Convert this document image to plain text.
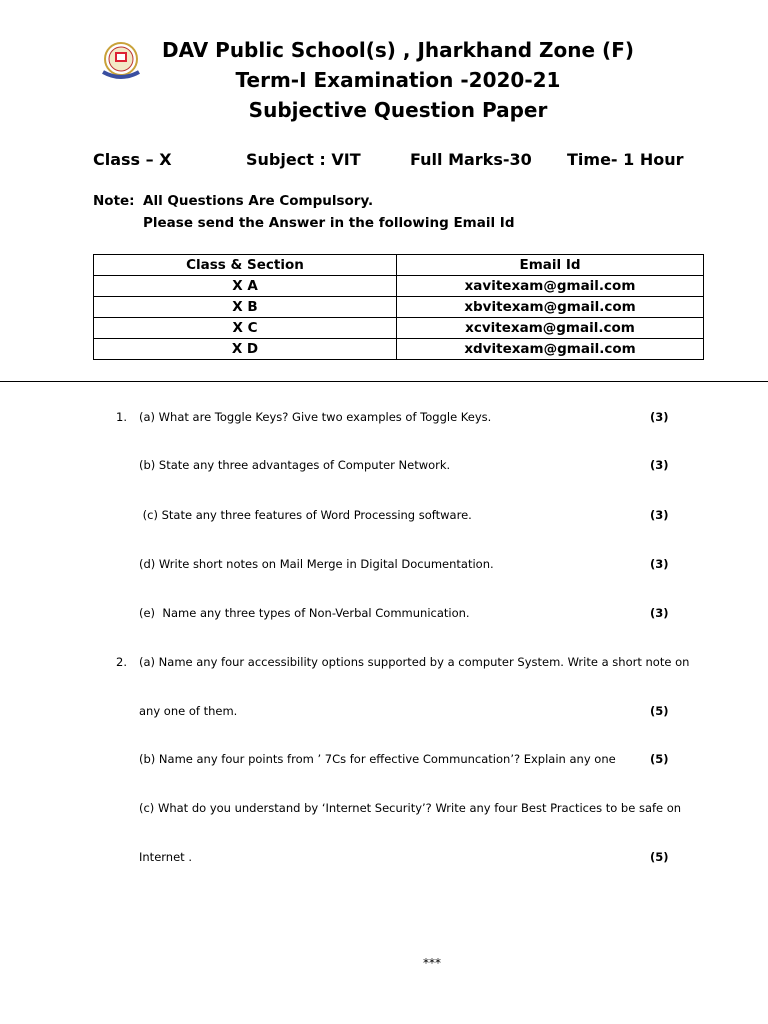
DAV Public School(s) , Jharkhand Zone (F)
Term-I Examination -2020-21
Subjective Question Paper
Class – X	Subject : VIT	Full Marks-30 Time- 1 Hour
Note: All Questions Are Compulsory.
Please send the Answer in the following Email Id
Class & Section	Email Id
X A	xavitexam@gmail.com
X B	xbvitexam@gmail.com
X C	xcvitexam@gmail.com
X D	xdvitexam@gmail.com
1. (a) What are Toggle Keys? Give two examples of Toggle Keys.	(3)
(b) State any three advantages of Computer Network.	(3)
(c) State any three features of Word Processing software.	(3)
(d) Write short notes on Mail Merge in Digital Documentation.	(3)
(e)  Name any three types of Non-Verbal Communication.	(3)
2. (a) Name any four accessibility options supported by a computer System. Write a short note on
any one of them.	(5)
(b) Name any four points from ’ 7Cs for effective Communcation’? Explain any one	(5)
(c) What do you understand by ‘Internet Security’? Write any four Best Practices to be safe on
Internet .	(5)
***
